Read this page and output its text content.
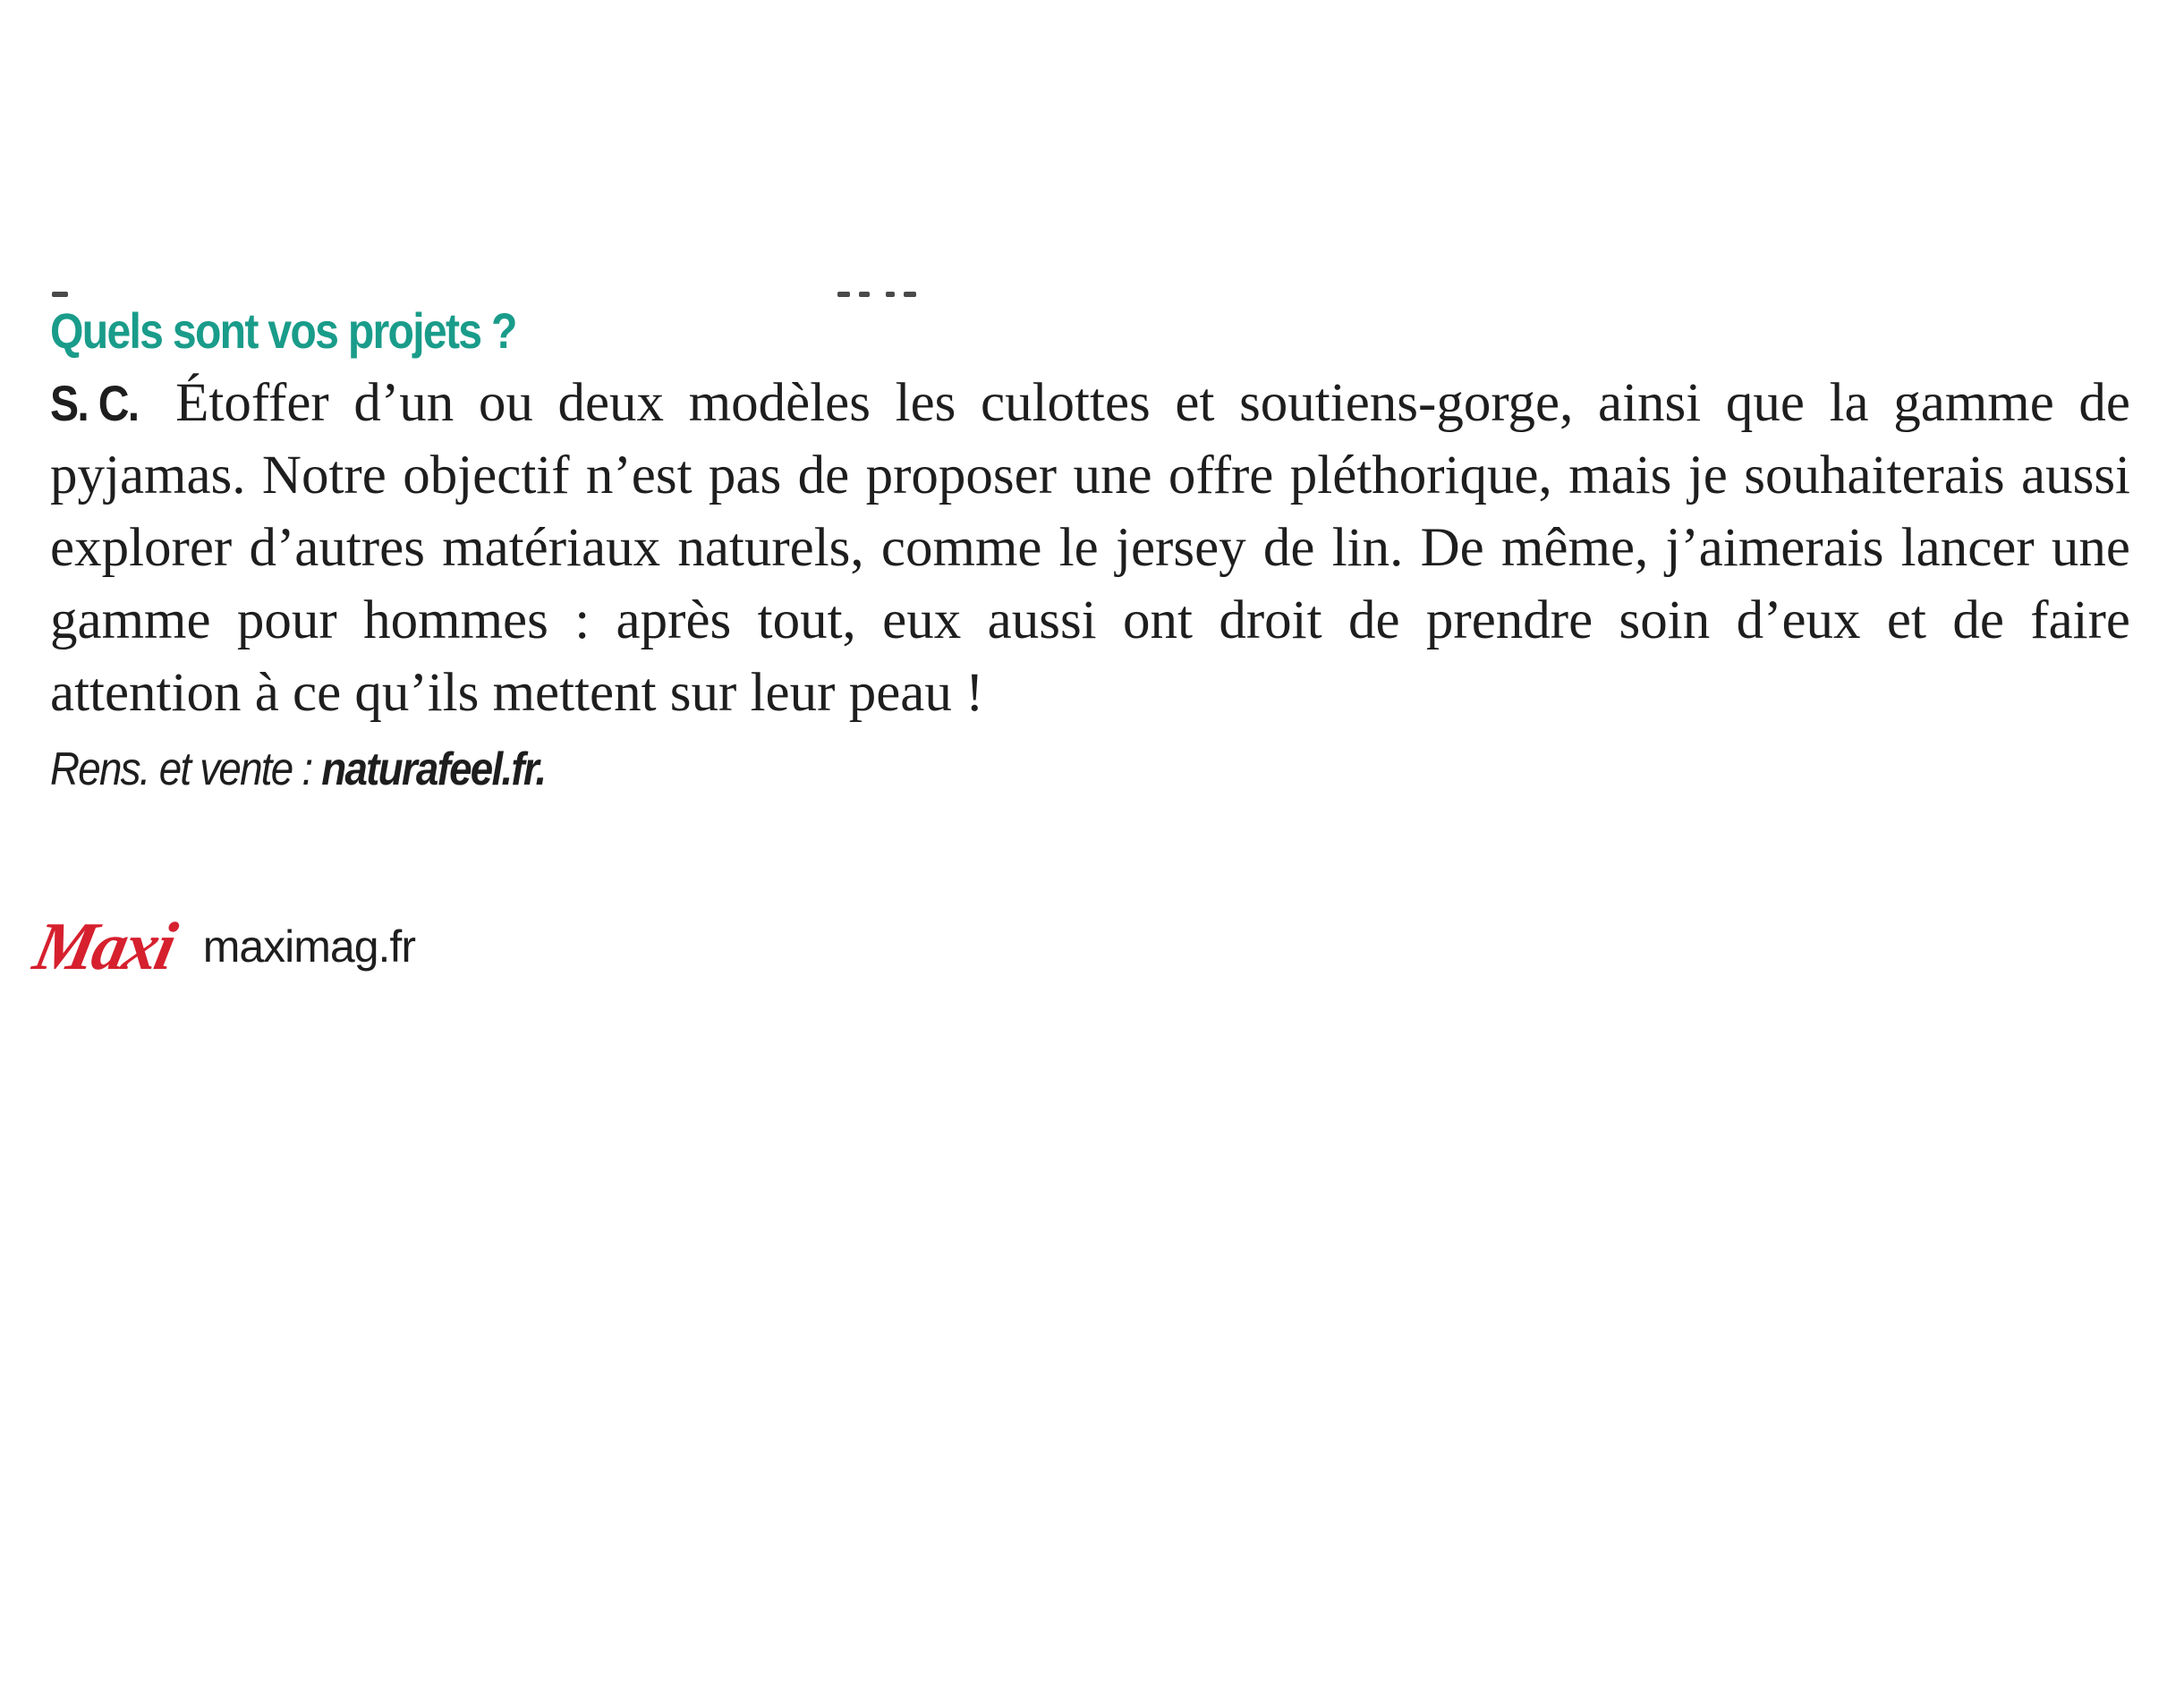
Quels sont vos projets ?

S. C. Étoffer d’un ou deux modèles les culottes et soutiens-gorge, ainsi que la gamme de pyjamas. Notre objectif n’est pas de proposer une offre pléthorique, mais je souhaiterais aussi explorer d’autres matériaux naturels, comme le jersey de lin. De même, j’aimerais lancer une gamme pour hommes : après tout, eux aussi ont droit de prendre soin d’eux et de faire attention à ce qu’ils mettent sur leur peau !

Rens. et vente : naturafeel.fr.

Maxi maximag.fr
